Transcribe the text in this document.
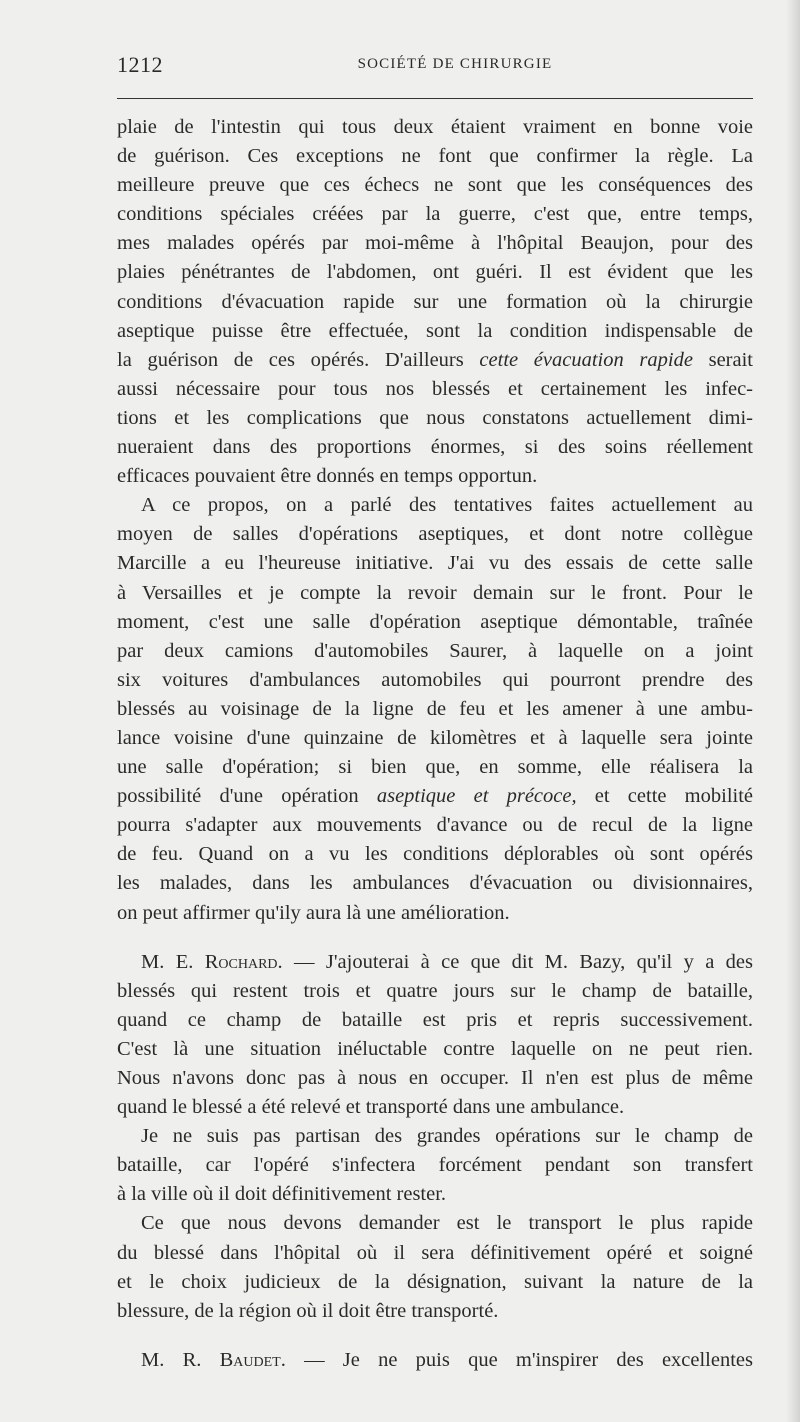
1212	SOCIÉTÉ DE CHIRURGIE
plaie de l'intestin qui tous deux étaient vraiment en bonne voie
de guérison. Ces exceptions ne font que confirmer la règle. La
meilleure preuve que ces échecs ne sont que les conséquences des
conditions spéciales créées par la guerre, c'est que, entre temps,
mes malades opérés par moi-même à l'hôpital Beaujon, pour des
plaies pénétrantes de l'abdomen, ont guéri. Il est évident que les
conditions d'évacuation rapide sur une formation où la chirurgie
aseptique puisse être effectuée, sont la condition indispensable de
la guérison de ces opérés. D'ailleurs cette évacuation rapide serait
aussi nécessaire pour tous nos blessés et certainement les infec-
tions et les complications que nous constatons actuellement dimi-
nueraient dans des proportions énormes, si des soins réellement
efficaces pouvaient être donnés en temps opportun.
A ce propos, on a parlé des tentatives faites actuellement au
moyen de salles d'opérations aseptiques, et dont notre collègue
Marcille a eu l'heureuse initiative. J'ai vu des essais de cette salle
à Versailles et je compte la revoir demain sur le front. Pour le
moment, c'est une salle d'opération aseptique démontable, traînée
par deux camions d'automobiles Saurer, à laquelle on a joint
six voitures d'ambulances automobiles qui pourront prendre des
blessés au voisinage de la ligne de feu et les amener à une ambu-
lance voisine d'une quinzaine de kilomètres et à laquelle sera jointe
une salle d'opération; si bien que, en somme, elle réalisera la
possibilité d'une opération aseptique et précoce, et cette mobilité
pourra s'adapter aux mouvements d'avance ou de recul de la ligne
de feu. Quand on a vu les conditions déplorables où sont opérés
les malades, dans les ambulances d'évacuation ou divisionnaires,
on peut affirmer qu'ily aura là une amélioration.
M. E. Rochard. — J'ajouterai à ce que dit M. Bazy, qu'il y a des
blessés qui restent trois et quatre jours sur le champ de bataille,
quand ce champ de bataille est pris et repris successivement.
C'est là une situation inéluctable contre laquelle on ne peut rien.
Nous n'avons donc pas à nous en occuper. Il n'en est plus de même
quand le blessé a été relevé et transporté dans une ambulance.
Je ne suis pas partisan des grandes opérations sur le champ de
bataille, car l'opéré s'infectera forcément pendant son transfert
à la ville où il doit définitivement rester.
Ce que nous devons demander est le transport le plus rapide
du blessé dans l'hôpital où il sera définitivement opéré et soigné
et le choix judicieux de la désignation, suivant la nature de la
blessure, de la région où il doit être transporté.
M. R. Baudet. — Je ne puis que m'inspirer des excellentes
